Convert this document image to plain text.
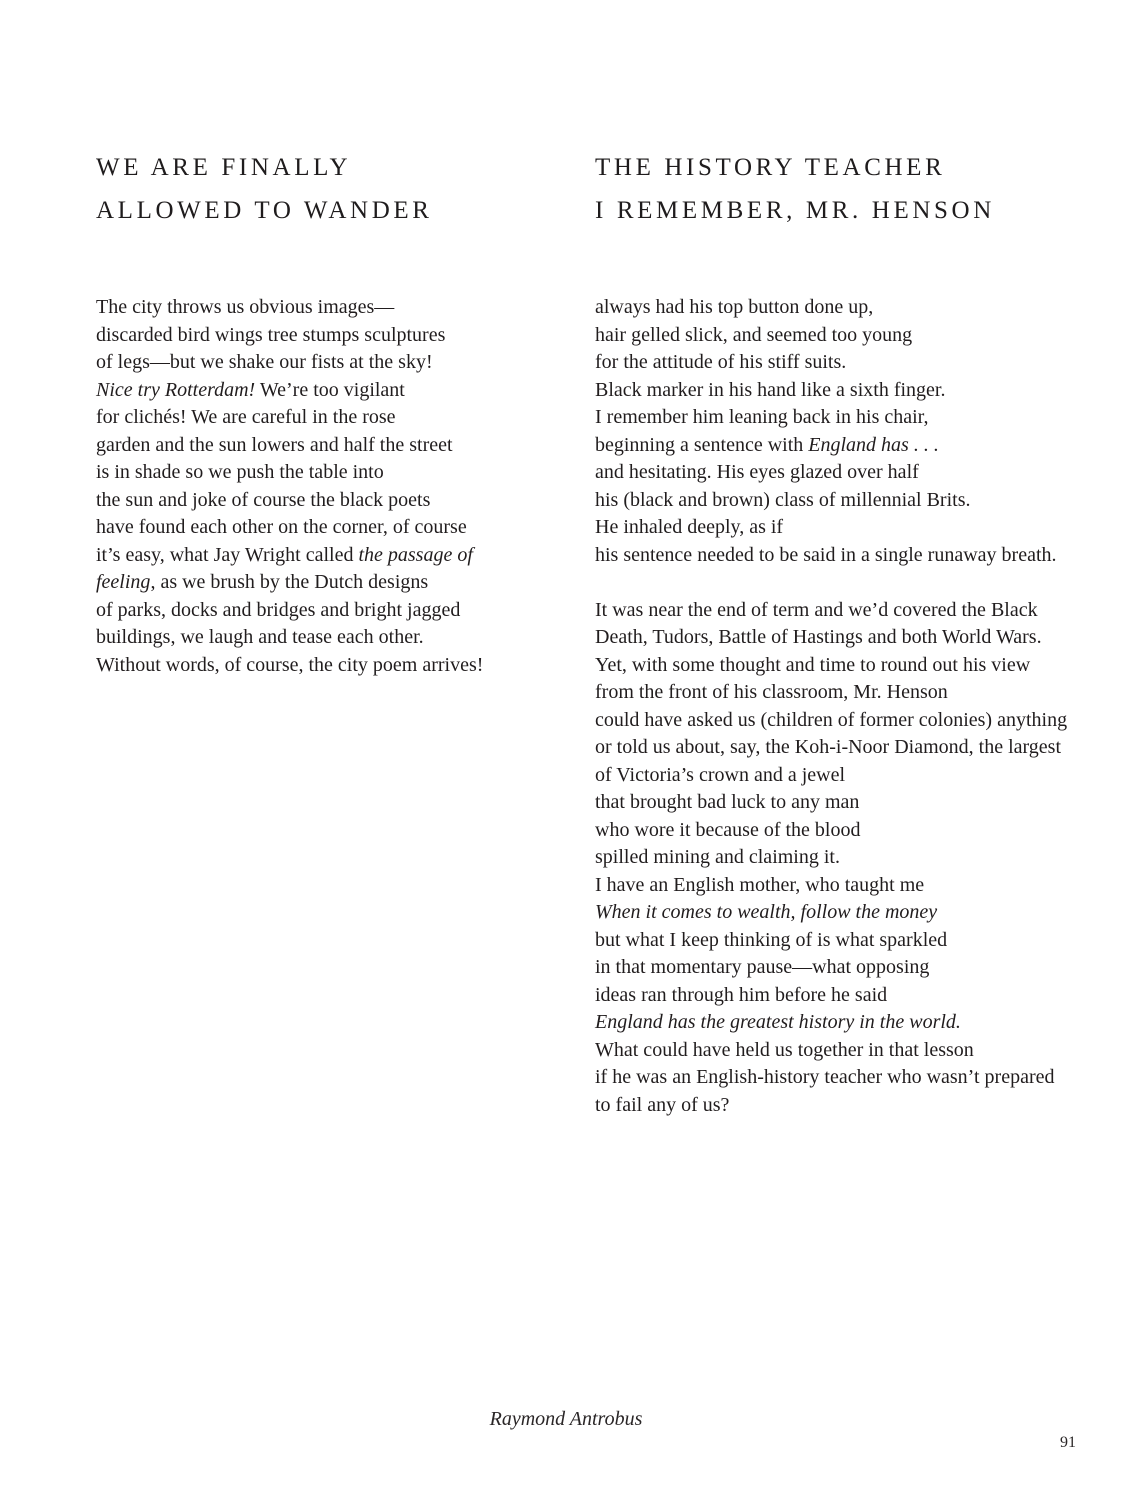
WE ARE FINALLY
ALLOWED TO WANDER
The city throws us obvious images—
discarded bird wings tree stumps sculptures
of legs—but we shake our fists at the sky!
Nice try Rotterdam! We’re too vigilant
for clichés! We are careful in the rose
garden and the sun lowers and half the street
is in shade so we push the table into
the sun and joke of course the black poets
have found each other on the corner, of course
it’s easy, what Jay Wright called the passage of
feeling, as we brush by the Dutch designs
of parks, docks and bridges and bright jagged
buildings, we laugh and tease each other.
Without words, of course, the city poem arrives!
THE HISTORY TEACHER
I REMEMBER, MR. HENSON
always had his top button done up,
hair gelled slick, and seemed too young
for the attitude of his stiff suits.
Black marker in his hand like a sixth finger.
I remember him leaning back in his chair,
beginning a sentence with England has . . .
and hesitating. His eyes glazed over half
his (black and brown) class of millennial Brits.
He inhaled deeply, as if
his sentence needed to be said in a single runaway breath.
It was near the end of term and we’d covered the Black
Death, Tudors, Battle of Hastings and both World Wars.
Yet, with some thought and time to round out his view
from the front of his classroom, Mr. Henson
could have asked us (children of former colonies) anything
or told us about, say, the Koh-i-Noor Diamond, the largest
of Victoria’s crown and a jewel
that brought bad luck to any man
who wore it because of the blood
spilled mining and claiming it.
I have an English mother, who taught me
When it comes to wealth, follow the money
but what I keep thinking of is what sparkled
in that momentary pause—what opposing
ideas ran through him before he said
England has the greatest history in the world.
What could have held us together in that lesson
if he was an English-history teacher who wasn’t prepared
to fail any of us?
Raymond Antrobus
91
